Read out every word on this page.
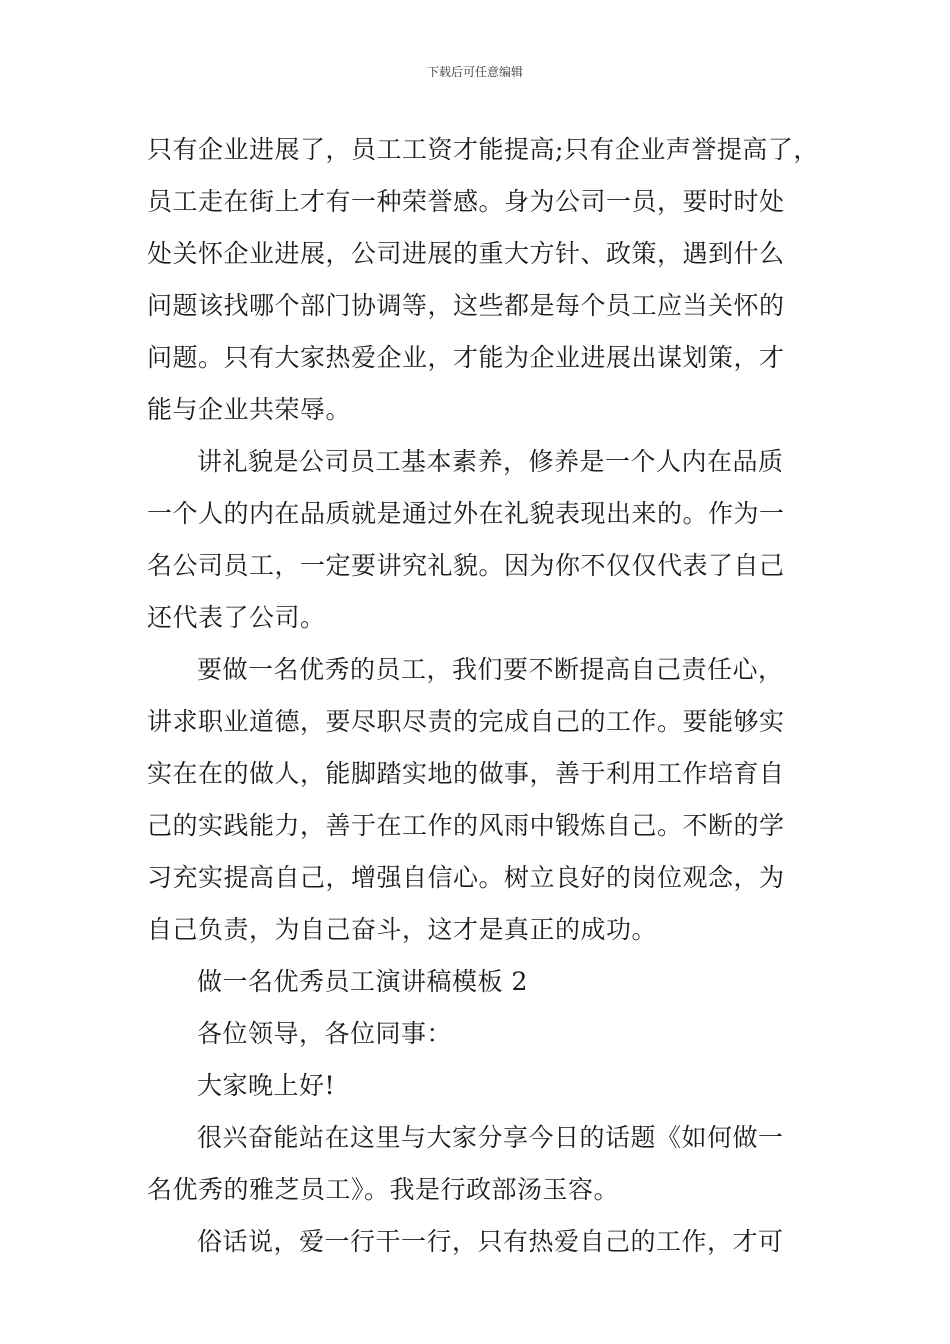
下载后可任意编辑
只有企业进展了，员工工资才能提高;只有企业声誉提高了，
员工走在街上才有一种荣誉感。身为公司一员，要时时处
处关怀企业进展，公司进展的重大方针、政策，遇到什么
问题该找哪个部门协调等，这些都是每个员工应当关怀的
问题。只有大家热爱企业，才能为企业进展出谋划策，才
能与企业共荣辱。
讲礼貌是公司员工基本素养，修养是一个人内在品质
一个人的内在品质就是通过外在礼貌表现出来的。作为一
名公司员工，一定要讲究礼貌。因为你不仅仅代表了自己
还代表了公司。
要做一名优秀的员工，我们要不断提高自己责任心，
讲求职业道德，要尽职尽责的完成自己的工作。要能够实
实在在的做人，能脚踏实地的做事，善于利用工作培育自
己的实践能力，善于在工作的风雨中锻炼自己。不断的学
习充实提高自己，增强自信心。树立良好的岗位观念，为
自己负责，为自己奋斗，这才是真正的成功。
做一名优秀员工演讲稿模板 2
各位领导，各位同事：
大家晚上好!
很兴奋能站在这里与大家分享今日的话题《如何做一
名优秀的雅芝员工》。我是行政部汤玉容。
俗话说，爱一行干一行，只有热爱自己的工作，才可
